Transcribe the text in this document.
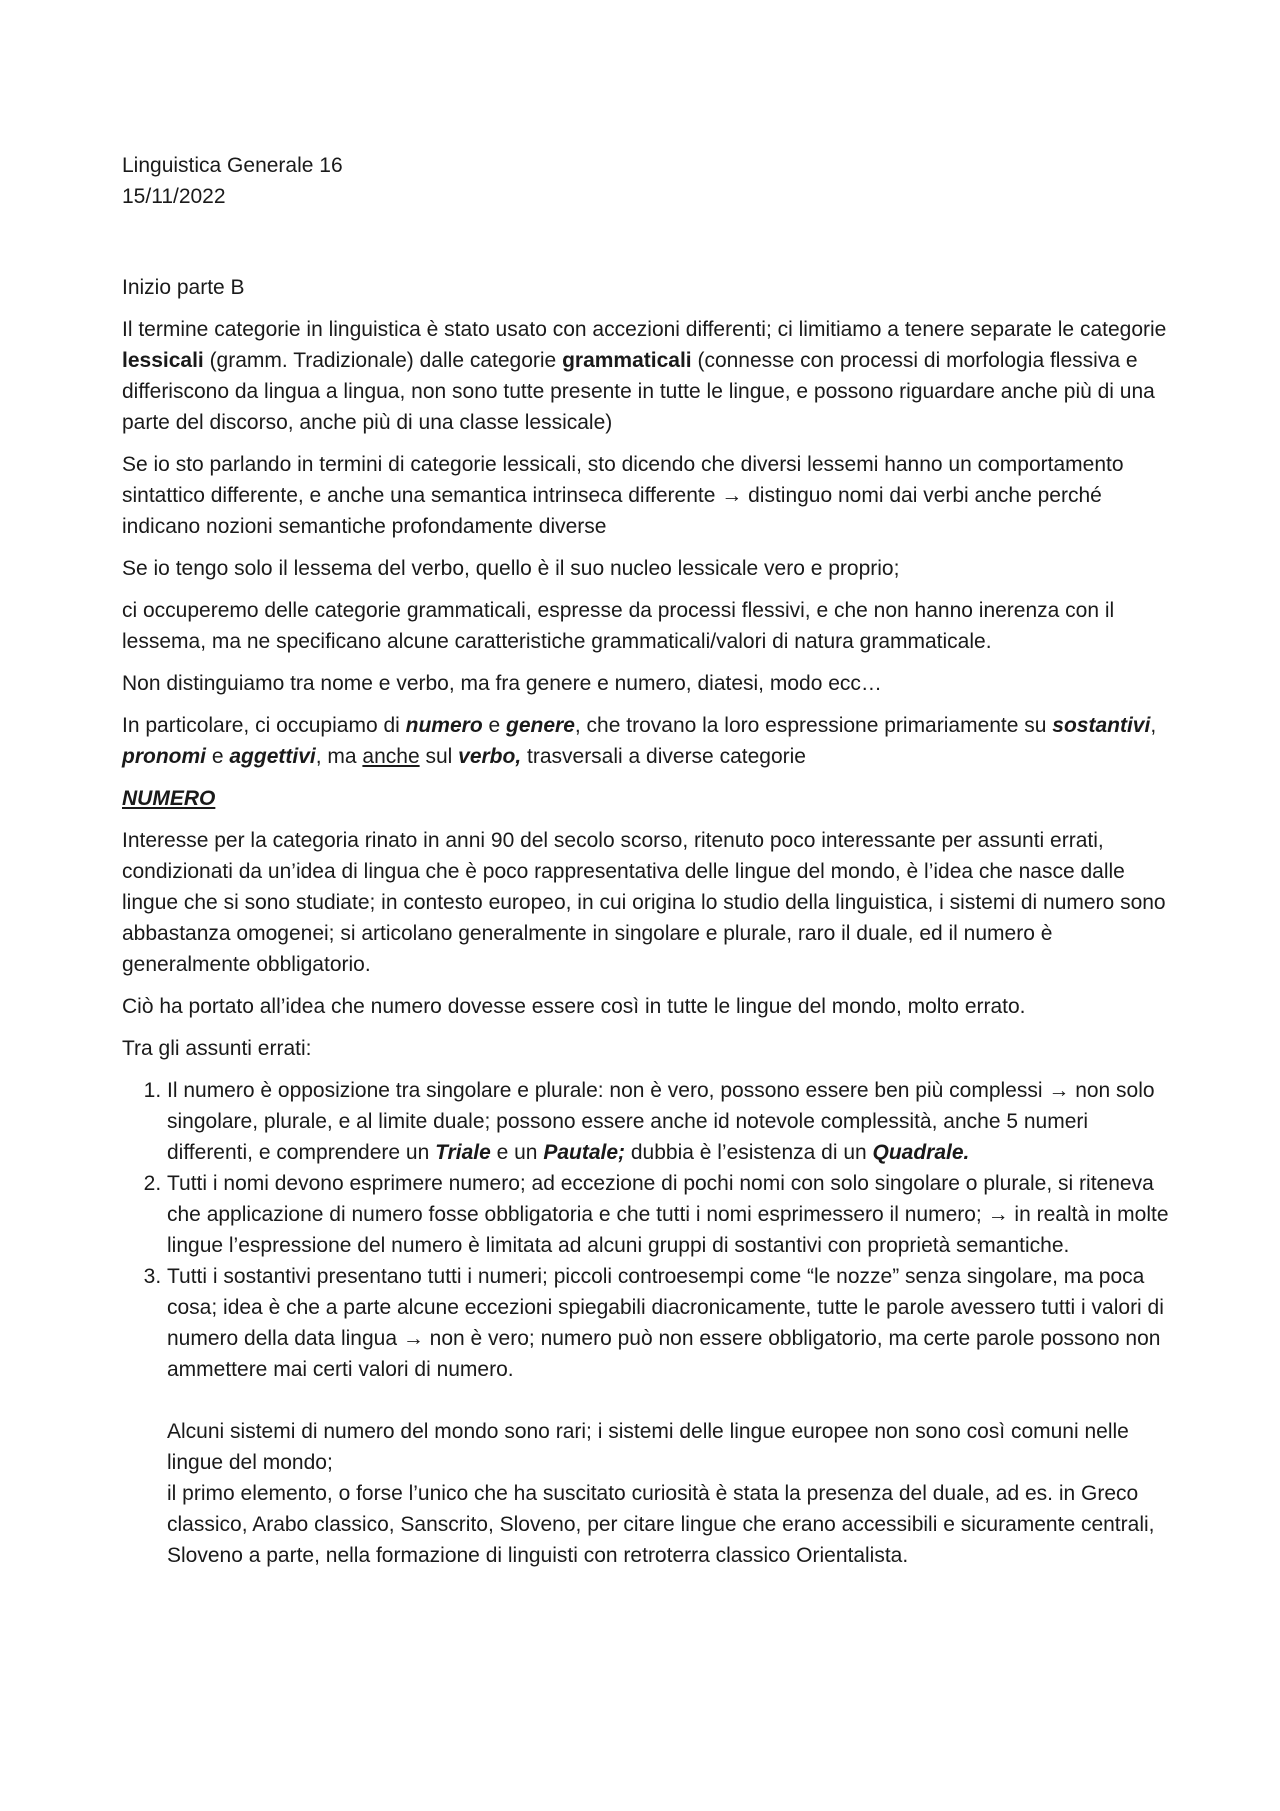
Linguistica Generale 16

15/11/2022

Inizio parte B

Il termine categorie in linguistica è stato usato con accezioni differenti; ci limitiamo a tenere separate le categorie lessicali (gramm. Tradizionale) dalle categorie grammaticali (connesse con processi di morfologia flessiva e differiscono da lingua a lingua, non sono tutte presente in tutte le lingue, e possono riguardare anche più di una parte del discorso, anche più di una classe lessicale)

Se io sto parlando in termini di categorie lessicali, sto dicendo che diversi lessemi hanno un comportamento sintattico differente, e anche una semantica intrinseca differente → distinguo nomi dai verbi anche perché indicano nozioni semantiche profondamente diverse

Se io tengo solo il lessema del verbo, quello è il suo nucleo lessicale vero e proprio;

ci occuperemo delle categorie grammaticali, espresse da processi flessivi, e che non hanno inerenza con il lessema, ma ne specificano alcune caratteristiche grammaticali/valori di natura grammaticale.

Non distinguiamo tra nome e verbo, ma fra genere e numero, diatesi, modo ecc…

In particolare, ci occupiamo di numero e genere, che trovano la loro espressione primariamente su sostantivi, pronomi e aggettivi, ma anche sul verbo, trasversali a diverse categorie

NUMERO

Interesse per la categoria rinato in anni 90 del secolo scorso, ritenuto poco interessante per assunti errati, condizionati da un’idea di lingua che è poco rappresentativa delle lingue del mondo, è l’idea che nasce dalle lingue che si sono studiate; in contesto europeo, in cui origina lo studio della linguistica, i sistemi di numero sono abbastanza omogenei; si articolano generalmente in singolare e plurale, raro il duale, ed il numero è generalmente obbligatorio.

Ciò ha portato all’idea che numero dovesse essere così in tutte le lingue del mondo, molto errato.

Tra gli assunti errati:

1. Il numero è opposizione tra singolare e plurale: non è vero, possono essere ben più complessi → non solo singolare, plurale, e al limite duale; possono essere anche id notevole complessità, anche 5 numeri differenti, e comprendere un Triale e un Pautale; dubbia è l’esistenza di un Quadrale.
2. Tutti i nomi devono esprimere numero; ad eccezione di pochi nomi con solo singolare o plurale, si riteneva che applicazione di numero fosse obbligatoria e che tutti i nomi esprimessero il numero; → in realtà in molte lingue l’espressione del numero è limitata ad alcuni gruppi di sostantivi con proprietà semantiche.
3. Tutti i sostantivi presentano tutti i numeri; piccoli controesempi come “le nozze” senza singolare, ma poca cosa; idea è che a parte alcune eccezioni spiegabili diacronicamente, tutte le parole avessero tutti i valori di numero della data lingua → non è vero; numero può non essere obbligatorio, ma certe parole possono non ammettere mai certi valori di numero.

Alcuni sistemi di numero del mondo sono rari; i sistemi delle lingue europee non sono così comuni nelle lingue del mondo;

il primo elemento, o forse l’unico che ha suscitato curiosità è stata la presenza del duale, ad es. in Greco classico, Arabo classico, Sanscrito, Sloveno, per citare lingue che erano accessibili e sicuramente centrali, Sloveno a parte, nella formazione di linguisti con retroterra classico Orientalista.
